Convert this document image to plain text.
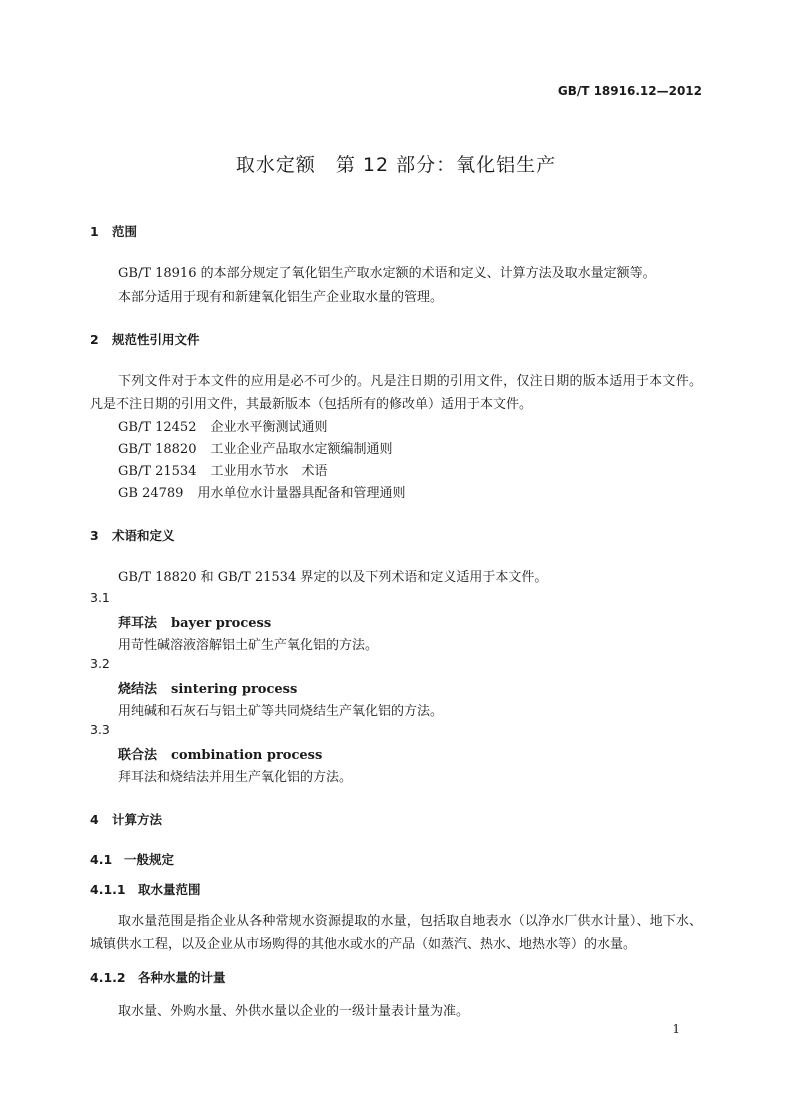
GB/T 18916.12—2012
取水定额　第 12 部分：氧化铝生产
1 范围
GB/T 18916 的本部分规定了氧化铝生产取水定额的术语和定义、计算方法及取水量定额等。
本部分适用于现有和新建氧化铝生产企业取水量的管理。
2 规范性引用文件
下列文件对于本文件的应用是必不可少的。凡是注日期的引用文件，仅注日期的版本适用于本文件。凡是不注日期的引用文件，其最新版本（包括所有的修改单）适用于本文件。
GB/T 12452 企业水平衡测试通则
GB/T 18820 工业企业产品取水定额编制通则
GB/T 21534 工业用水节水　术语
GB 24789 用水单位水计量器具配备和管理通则
3 术语和定义
GB/T 18820 和 GB/T 21534 界定的以及下列术语和定义适用于本文件。
3.1
拜耳法 bayer process
用苛性碱溶液溶解铝土矿生产氧化铝的方法。
3.2
烧结法 sintering process
用纯碱和石灰石与铝土矿等共同烧结生产氧化铝的方法。
3.3
联合法 combination process
拜耳法和烧结法并用生产氧化铝的方法。
4 计算方法
4.1 一般规定
4.1.1 取水量范围
取水量范围是指企业从各种常规水资源提取的水量，包括取自地表水（以净水厂供水计量）、地下水、城镇供水工程，以及企业从市场购得的其他水或水的产品（如蒸汽、热水、地热水等）的水量。
4.1.2 各种水量的计量
取水量、外购水量、外供水量以企业的一级计量表计量为准。
1
